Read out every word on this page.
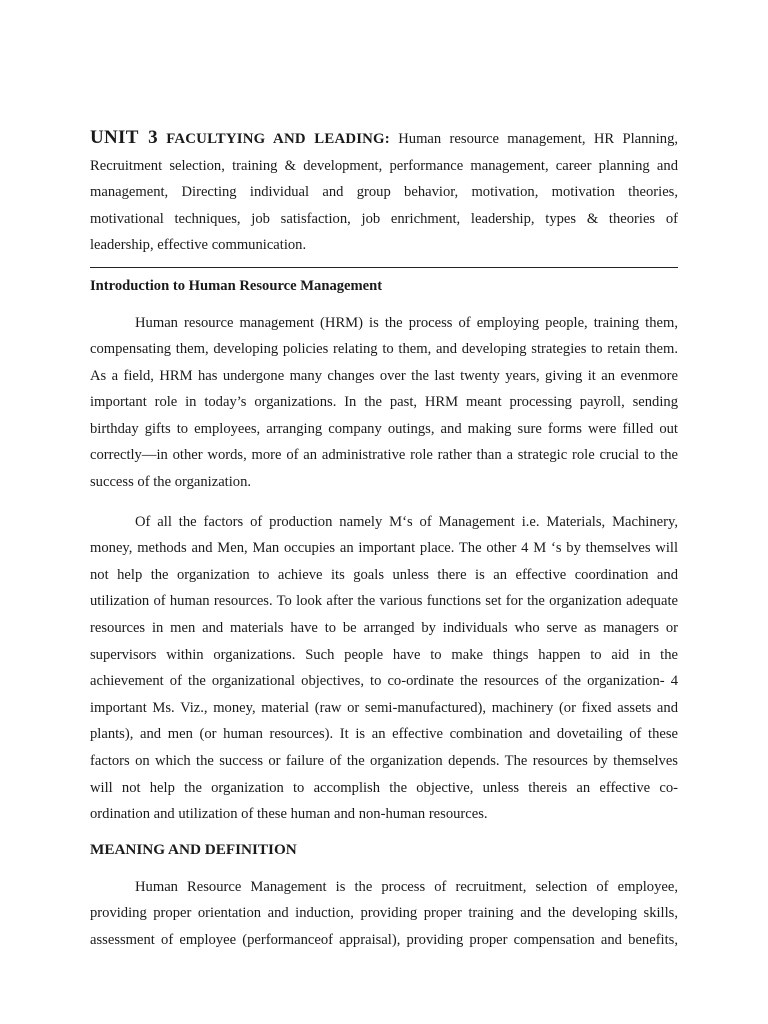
UNIT 3 FACULTYING AND LEADING: Human resource management, HR Planning,
Recruitment selection, training & development, performance management, career planning and
management, Directing individual and group behavior, motivation, motivation theories,
motivational techniques, job satisfaction, job enrichment, leadership, types & theories of
leadership, effective communication.
Introduction to Human Resource Management
Human resource management (HRM) is the process of employing people, training them,
compensating them, developing policies relating to them, and developing strategies to retain them.
As a field, HRM has undergone many changes over the last twenty years, giving it an evenmore
important role in today’s organizations. In the past, HRM meant processing payroll, sending
birthday gifts to employees, arranging company outings, and making sure forms were filled out
correctly—in other words, more of an administrative role rather than a strategic role crucial to the
success of the organization.
Of all the factors of production namely M‘s of Management i.e. Materials, Machinery,
money, methods and Men, Man occupies an important place. The other 4 M ‘s by themselves will
not help the organization to achieve its goals unless there is an effective coordination and
utilization of human resources. To look after the various functions set for the organization adequate
resources in men and materials have to be arranged by individuals who serve as managers or
supervisors within organizations. Such people have to make things happen to aid in the
achievement of the organizational objectives, to co-ordinate the resources of the organization- 4
important Ms. Viz., money, material (raw or semi-manufactured), machinery (or fixed assets and
plants), and men (or human resources). It is an effective combination and dovetailing of these
factors on which the success or failure of the organization depends. The resources by themselves
will not help the organization to accomplish the objective, unless thereis an effective co-
ordination and utilization of these human and non-human resources.
MEANING AND DEFINITION
Human Resource Management is the process of recruitment, selection of employee,
providing proper orientation and induction, providing proper training and the developing skills,
assessment of employee (performanceof appraisal), providing proper compensation and benefits,
